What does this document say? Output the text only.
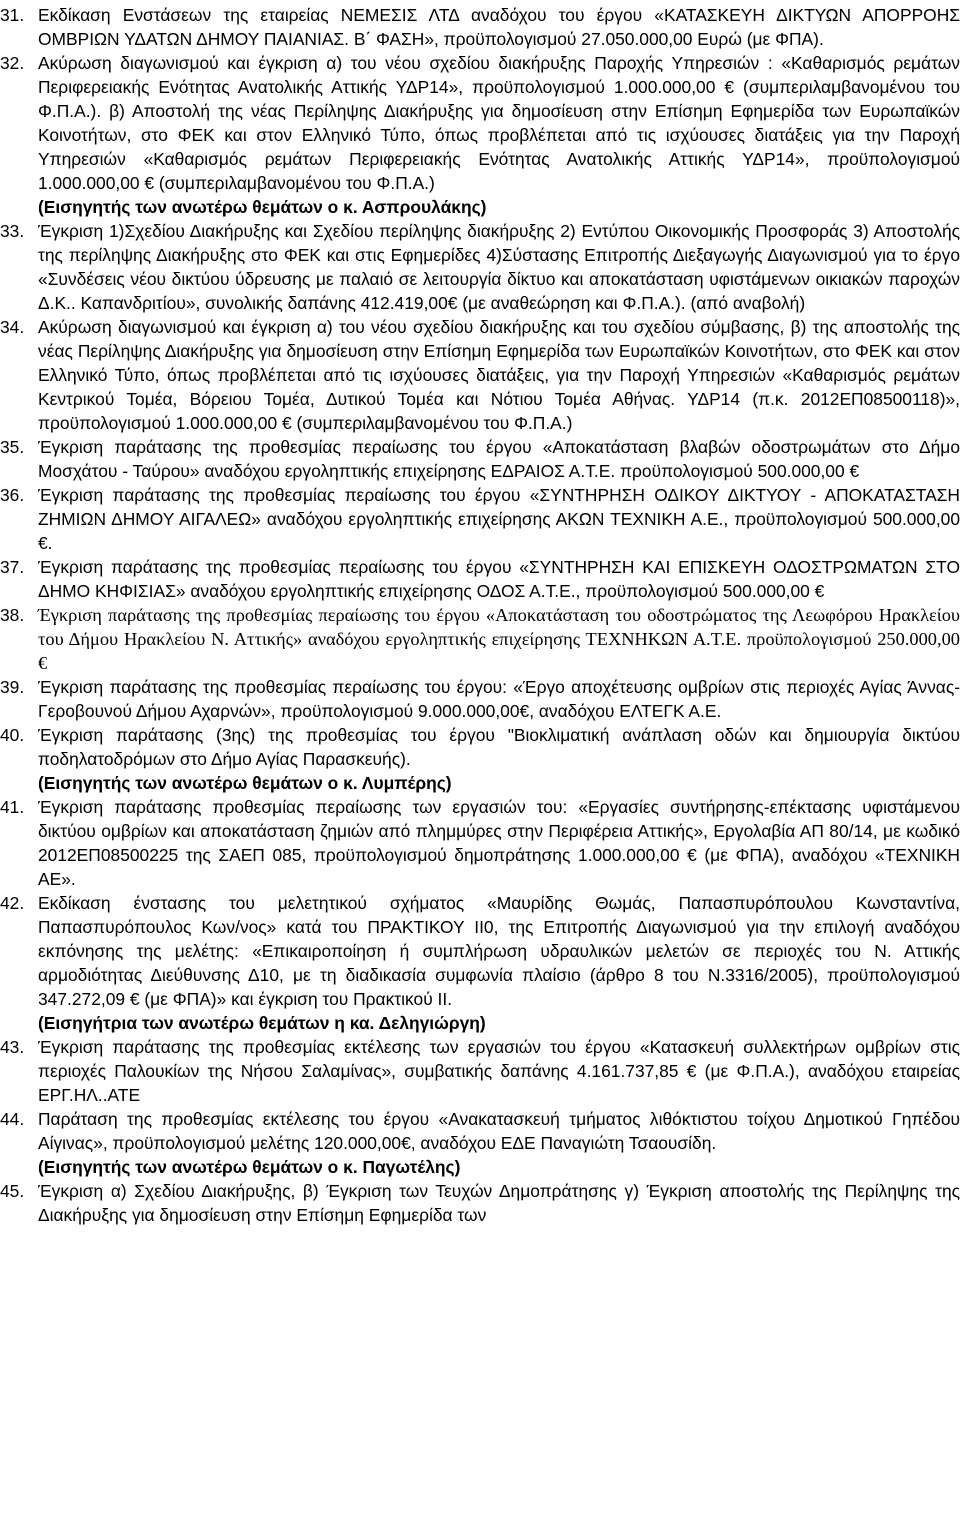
31. Εκδίκαση Ενστάσεων της εταιρείας ΝΕΜΕΣΙΣ ΛΤΔ αναδόχου του έργου «ΚΑΤΑΣΚΕΥΗ ΔΙΚΤΥΩΝ ΑΠΟΡΡΟΗΣ ΟΜΒΡΙΩΝ ΥΔΑΤΩΝ ΔΗΜΟΥ ΠΑΙΑΝΙΑΣ. Β΄ ΦΑΣΗ», προϋπολογισμού 27.050.000,00 Ευρώ (με ΦΠΑ).
32. Ακύρωση διαγωνισμού και έγκριση α) του νέου σχεδίου διακήρυξης Παροχής Υπηρεσιών : «Καθαρισμός ρεμάτων Περιφερειακής Ενότητας Ανατολικής Αττικής ΥΔΡ14», προϋπολογισμού 1.000.000,00 € (συμπεριλαμβανομένου του Φ.Π.Α.). β) Αποστολή της νέας Περίληψης Διακήρυξης για δημοσίευση στην Επίσημη Εφημερίδα των Ευρωπαϊκών Κοινοτήτων, στο ΦΕΚ και στον Ελληνικό Τύπο, όπως προβλέπεται από τις ισχύουσες διατάξεις για την Παροχή Υπηρεσιών «Καθαρισμός ρεμάτων Περιφερειακής Ενότητας Ανατολικής Αττικής ΥΔΡ14», προϋπολογισμού 1.000.000,00 € (συμπεριλαμβανομένου του Φ.Π.Α.)
(Εισηγητής των ανωτέρω θεμάτων ο κ. Ασπρουλάκης)
33. Έγκριση 1)Σχεδίου Διακήρυξης και Σχεδίου περίληψης διακήρυξης 2) Εντύπου Οικονομικής Προσφοράς 3) Αποστολής της περίληψης Διακήρυξης στο ΦΕΚ και στις Εφημερίδες 4)Σύστασης Επιτροπής Διεξαγωγής Διαγωνισμού για το έργο «Συνδέσεις νέου δικτύου ύδρευσης με παλαιό σε λειτουργία δίκτυο και αποκατάσταση υφιστάμενων οικιακών παροχών Δ.Κ.. Καπανδριτίου», συνολικής δαπάνης 412.419,00€ (με αναθεώρηση και Φ.Π.Α.). (από αναβολή)
34. Ακύρωση διαγωνισμού και έγκριση α) του νέου σχεδίου διακήρυξης και του σχεδίου σύμβασης, β) της αποστολής της νέας Περίληψης Διακήρυξης για δημοσίευση στην Επίσημη Εφημερίδα των Ευρωπαϊκών Κοινοτήτων, στο ΦΕΚ και στον Ελληνικό Τύπο, όπως προβλέπεται από τις ισχύουσες διατάξεις, για την Παροχή Υπηρεσιών «Καθαρισμός ρεμάτων Κεντρικού Τομέα, Βόρειου Τομέα, Δυτικού Τομέα και Νότιου Τομέα Αθήνας. ΥΔΡ14 (π.κ. 2012ΕΠ08500118)», προϋπολογισμού 1.000.000,00 € (συμπεριλαμβανομένου του Φ.Π.Α.)
35. Έγκριση παράτασης της προθεσμίας περαίωσης του έργου «Αποκατάσταση βλαβών οδοστρωμάτων στο Δήμο Μοσχάτου - Ταύρου» αναδόχου εργοληπτικής επιχείρησης ΕΔΡΑΙΟΣ Α.Τ.Ε. προϋπολογισμού 500.000,00 €
36. Έγκριση παράτασης της προθεσμίας περαίωσης του έργου «ΣΥΝΤΗΡΗΣΗ ΟΔΙΚΟΥ ΔΙΚΤΥΟΥ - ΑΠΟΚΑΤΑΣΤΑΣΗ ΖΗΜΙΩΝ ΔΗΜΟΥ ΑΙΓΑΛΕΩ» αναδόχου εργοληπτικής επιχείρησης ΑΚΩΝ ΤΕΧΝΙΚΗ Α.Ε., προϋπολογισμού 500.000,00 €.
37. Έγκριση παράτασης της προθεσμίας περαίωσης του έργου «ΣΥΝΤΗΡΗΣΗ ΚΑΙ ΕΠΙΣΚΕΥΗ ΟΔΟΣΤΡΩΜΑΤΩΝ ΣΤΟ ΔΗΜΟ ΚΗΦΙΣΙΑΣ» αναδόχου εργοληπτικής επιχείρησης ΟΔΟΣ Α.Τ.Ε., προϋπολογισμού 500.000,00 €
38. Έγκριση παράτασης της προθεσμίας περαίωσης του έργου «Αποκατάσταση του οδοστρώματος της Λεωφόρου Ηρακλείου του Δήμου Ηρακλείου Ν. Αττικής» αναδόχου εργοληπτικής επιχείρησης ΤΕΧΝΗΚΩΝ Α.Τ.Ε. προϋπολογισμού 250.000,00 €
39. Έγκριση παράτασης της προθεσμίας περαίωσης του έργου: «Έργο αποχέτευσης ομβρίων στις περιοχές Αγίας Άννας-Γεροβουνού Δήμου Αχαρνών», προϋπολογισμού 9.000.000,00€, αναδόχου ΕΛΤΕΓΚ Α.Ε.
40. Έγκριση παράτασης (3ης) της προθεσμίας του έργου "Βιοκλιματική ανάπλαση οδών και δημιουργία δικτύου ποδηλατοδρόμων στο Δήμο Αγίας Παρασκευής).
(Εισηγητής των ανωτέρω θεμάτων ο κ. Λυμπέρης)
41. Έγκριση παράτασης προθεσμίας περαίωσης των εργασιών του: «Εργασίες συντήρησης-επέκτασης υφιστάμενου δικτύου ομβρίων και αποκατάσταση ζημιών από πλημμύρες στην Περιφέρεια Αττικής», Εργολαβία ΑΠ 80/14, με κωδικό 2012ΕΠ08500225 της ΣΑΕΠ 085, προϋπολογισμού δημοπράτησης 1.000.000,00 € (με ΦΠΑ), αναδόχου «ΤΕΧΝΙΚΗ ΑΕ».
42. Εκδίκαση ένστασης του μελετητικού σχήματος «Μαυρίδης Θωμάς, Παπασπυρόπουλου Κωνσταντίνα, Παπασπυρόπουλος Κων/νος» κατά του ΠΡΑΚΤΙΚΟΥ ΙΙ0, της Επιτροπής Διαγωνισμού για την επιλογή αναδόχου εκπόνησης της μελέτης: «Επικαιροποίηση ή συμπλήρωση υδραυλικών μελετών σε περιοχές του Ν. Αττικής αρμοδιότητας Διεύθυνσης Δ10, με τη διαδικασία συμφωνία πλαίσιο (άρθρο 8 του Ν.3316/2005), προϋπολογισμού 347.272,09 € (με ΦΠΑ)» και έγκριση του Πρακτικού ΙΙ.
(Εισηγήτρια των ανωτέρω θεμάτων η κα. Δεληγιώργη)
43. Έγκριση παράτασης της προθεσμίας εκτέλεσης των εργασιών του έργου «Κατασκευή συλλεκτήρων ομβρίων στις περιοχές Παλουκίων της Νήσου Σαλαμίνας», συμβατικής δαπάνης 4.161.737,85 € (με Φ.Π.Α.), αναδόχου εταιρείας ΕΡΓ.ΗΛ..ΑΤΕ
44. Παράταση της προθεσμίας εκτέλεσης του έργου «Ανακατασκευή τμήματος λιθόκτιστου τοίχου Δημοτικού Γηπέδου Αίγινας», προϋπολογισμού μελέτης 120.000,00€, αναδόχου ΕΔΕ Παναγιώτη Τσαουσίδη.
(Εισηγητής των ανωτέρω θεμάτων ο κ. Παγωτέλης)
45. Έγκριση α) Σχεδίου Διακήρυξης, β) Έγκριση των Τευχών Δημοπράτησης γ) Έγκριση αποστολής της Περίληψης της Διακήρυξης για δημοσίευση στην Επίσημη Εφημερίδα των
